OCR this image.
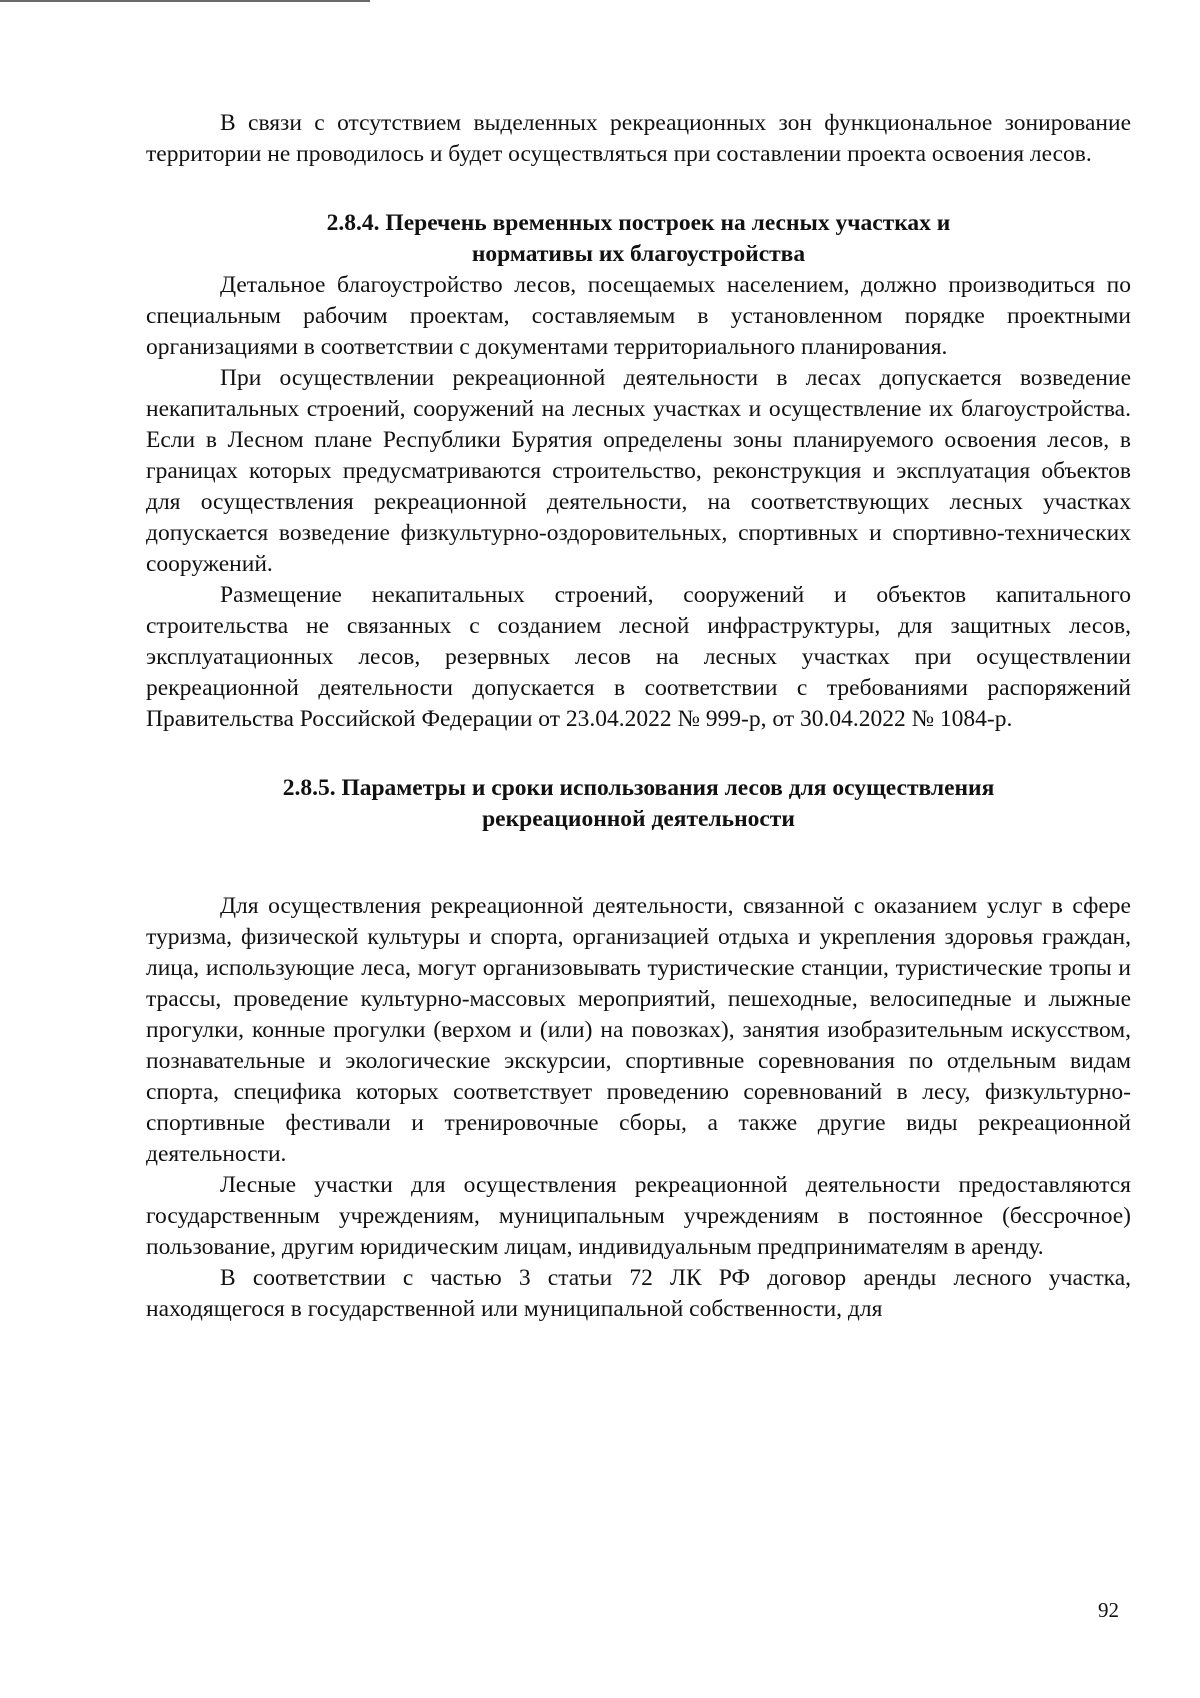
В связи с отсутствием выделенных рекреационных зон функциональное зонирование территории не проводилось и будет осуществляться при составлении проекта освоения лесов.

2.8.4. Перечень временных построек на лесных участках и

нормативы их благоустройства

Детальное благоустройство лесов, посещаемых населением, должно производиться по специальным рабочим проектам, составляемым в установленном порядке проектными организациями в соответствии с документами территориального планирования.

При осуществлении рекреационной деятельности в лесах допускается возведение некапитальных строений, сооружений на лесных участках и осуществление их благоустройства. Если в Лесном плане Республики Бурятия определены зоны планируемого освоения лесов, в границах которых предусматриваются строительство, реконструкция и эксплуатация объектов для осуществления рекреационной деятельности, на соответствующих лесных участках допускается возведение физкультурно-оздоровительных, спортивных и спортивно-технических сооружений.

Размещение некапитальных строений, сооружений и объектов капитального строительства не связанных с созданием лесной инфраструктуры, для защитных лесов, эксплуатационных лесов, резервных лесов на лесных участках при осуществлении рекреационной деятельности допускается в соответствии с требованиями распоряжений Правительства Российской Федерации от 23.04.2022 № 999-р, от 30.04.2022 № 1084-р.

2.8.5. Параметры и сроки использования лесов для осуществления

рекреационной деятельности

Для осуществления рекреационной деятельности, связанной с оказанием услуг в сфере туризма, физической культуры и спорта, организацией отдыха и укрепления здоровья граждан, лица, использующие леса, могут организовывать туристические станции, туристические тропы и трассы, проведение культурно-массовых мероприятий, пешеходные, велосипедные и лыжные прогулки, конные прогулки (верхом и (или) на повозках), занятия изобразительным искусством, познавательные и экологические экскурсии, спортивные соревнования по отдельным видам спорта, специфика которых соответствует проведению соревнований в лесу, физкультурно-спортивные фестивали и тренировочные сборы, а также другие виды рекреационной деятельности.

Лесные участки для осуществления рекреационной деятельности предоставляются государственным учреждениям, муниципальным учреждениям в постоянное (бессрочное) пользование, другим юридическим лицам, индивидуальным предпринимателям в аренду.

В соответствии с частью 3 статьи 72 ЛК РФ договор аренды лесного участка, находящегося в государственной или муниципальной собственности, для

92
